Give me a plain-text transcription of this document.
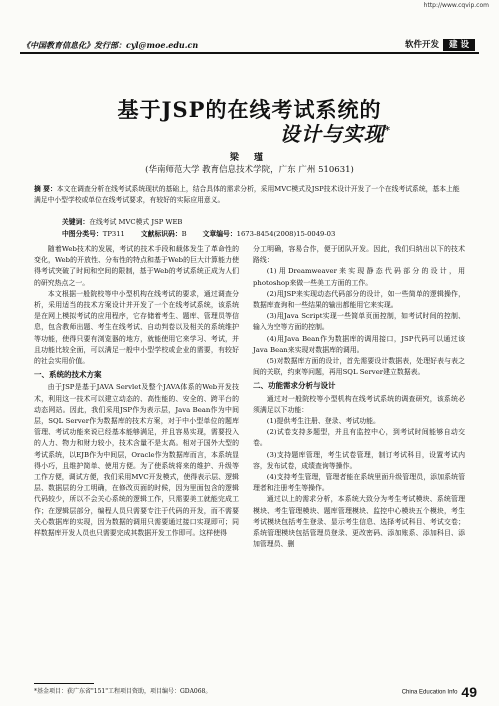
http://www.cqvip.com
《中国教育信息化》发行部：cyl@moe.edu.cn	软件开发 建 设
基于JSP的在线考试系统的
设计与实现*
梁 瑾
(华南师范大学 教育信息技术学院，广东 广州 510631)
摘 要：本文在调查分析在线考试系统现状的基础上，结合具体的需求分析，采用MVC模式及JSP技术设计开发了一个在线考试系统，基本上能满足中小型学校或单位在线考试要求，有较好的实际应用意义。
关键词：在线考试 MVC模式 JSP WEB
中图分类号：TP311 文献标识码：B 文章编号：1673-8454(2008)15-0049-03

随着Web技术的发展，考试的技术手段和载体发生了革命性的变化，Web的开放性、分布性的特点和基于Web的巨大计算能力使得考试突破了时间和空间的限制，基于Web的考试系统正成为人们的研究热点之一。

本文根据一般院校等中小型机构在线考试的要求，通过调查分析，采用适当的技术方案设计并开发了一个在线考试系统，该系统是在网上模拟考试的应用程序，它存储着考生、题库、管理员等信息，包含教师出题、考生在线考试、自动判卷以及相关的系统维护等功能，使得只要有浏览器的地方，就能使用它来学习、考试，并且功能比较全面，可以满足一般中小型学校或企业的需要，有较好的社会实用价值。

一、系统的技术方案

由于JSP是基于JAVA Servlet及整个JAVA体系的Web开发技术，利用这一技术可以建立动态的、高性能的、安全的、跨平台的动态网站。因此，我们采用JSP作为表示层，Java Bean作为中间层，SQL Server作为数据库的技术方案，对于中小型单位的题库管理、考试功能来说已经基本能够满足，并且容易实现，需要投入的人力、物力和财力较小，技术含量不是太高。相对于国外大型的考试系统，以EJB作为中间层，Oracle作为数据库而言，本系统显得小巧，且维护简单、使用方便。为了使系统将来的维护、升级等工作方便，调试方便，我们采用MVC开发模式，使得表示层、逻辑层、数据层的分工明确，在修改页面的时候，因为里面包含的逻辑代码较少，所以不会关心系统的逻辑工作，只需要美工就能完成工作；在逻辑层部分，编程人员只需要专注于代码的开发，而不需要关心数据库的实现，因为数据的调用只需要通过接口实现即可；同样数据库开发人员也只需要完成其数据开发工作即可。这样使得

分工明确，容易合作，便于团队开发。因此，我们归纳出以下的技术路线：

(1)用Dreamweaver来实现静态代码部分的设计，用photoshop来做一些美工方面的工作。

(2)用JSP来实现动态代码部分的设计，如一些简单的逻辑操作，数据库查询和一些结果的输出都能用它来实现。

(3)用Java Script实现一些简单页面控制，如考试时间的控制、输入为空等方面的控制。

(4)用Java Bean作为数据库的调用接口，JSP代码可以通过该Java Bean来实现对数据库的调用。

(5)对数据库方面的设计，首先需要设计数据表，处理好表与表之间的关联，约束等问题，再用SQL Server建立数据表。

二、功能需求分析与设计

通过对一般院校等小型机构在线考试系统的调查研究，该系统必须满足以下功能：

(1)提供考生注册、登录、考试功能。

(2)试卷支持多题型，并且有监控中心，到考试时间能够自动交卷。

(3)支持题库管理，考生试卷管理，制订考试科目，设置考试内容，发布试卷，成绩查询等操作。

(4)支持考生管理，管理者能在系统里面升级管理员，添加系统管理者和注册考生等操作。

通过以上的需求分析，本系统大致分为考生考试模块、系统管理模块、考生管理模块、题库管理模块、监控中心模块五个模块，考生考试模块包括考生登录、显示考生信息、选择考试科目、考试交卷；系统管理模块包括管理员登录、更改密码、添加账系、添加科目、添加管理员、删

*基金项目：获广东省"151"工程项目资助，项目编号：GDA068。	China Education Info 49
